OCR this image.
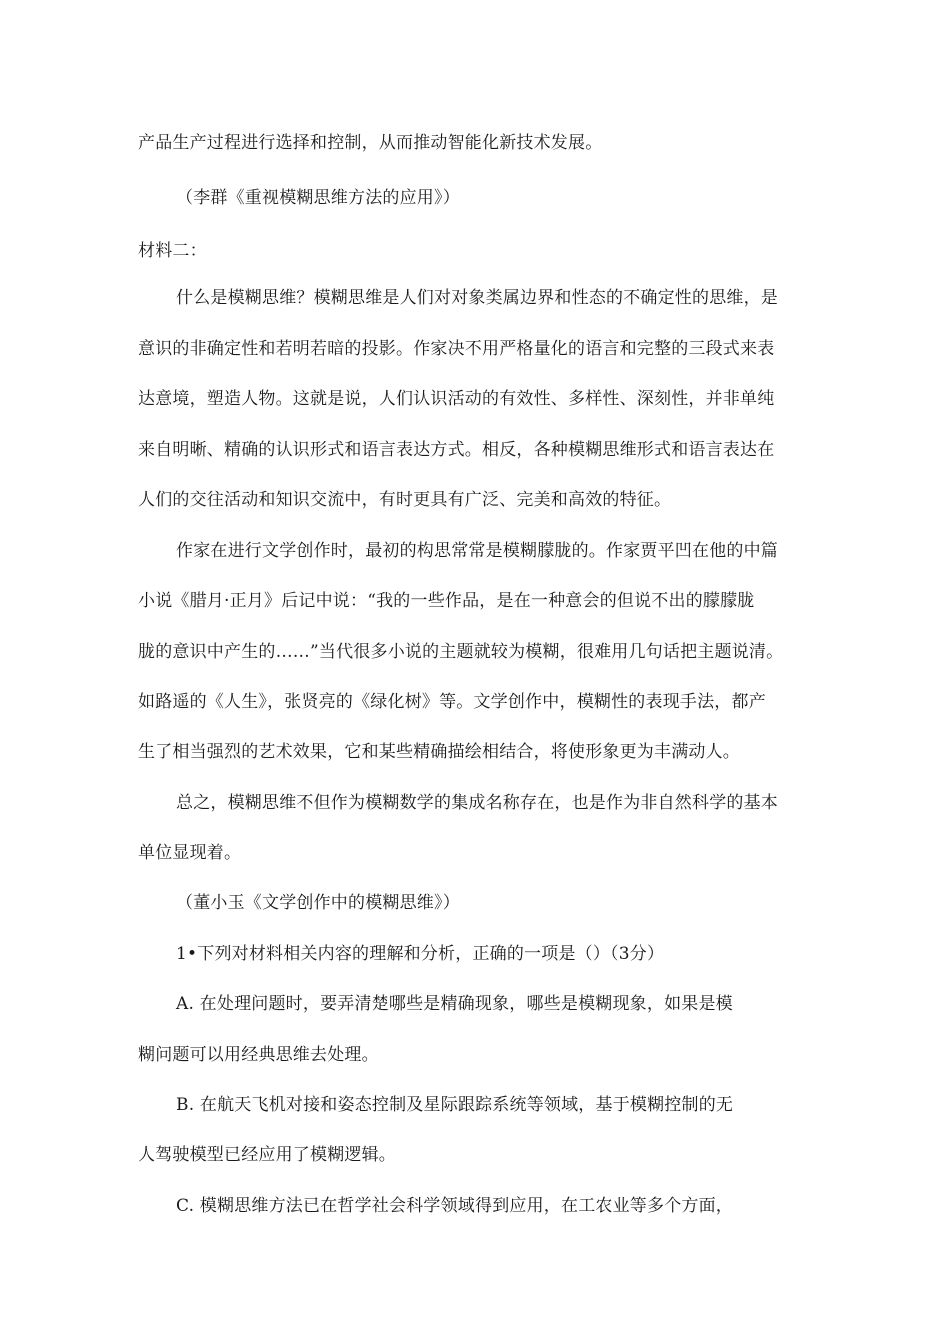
产品生产过程进行选择和控制，从而推动智能化新技术发展。
（李群《重视模糊思维方法的应用》）
材料二：
什么是模糊思维？模糊思维是人们对对象类属边界和性态的不确定性的思维，是
意识的非确定性和若明若暗的投影。作家决不用严格量化的语言和完整的三段式来表
达意境，塑造人物。这就是说，人们认识活动的有效性、多样性、深刻性，并非单纯
来自明晰、精确的认识形式和语言表达方式。相反，各种模糊思维形式和语言表达在
人们的交往活动和知识交流中，有时更具有广泛、完美和高效的特征。
作家在进行文学创作时，最初的构思常常是模糊朦胧的。作家贾平凹在他的中篇
小说《腊月·正月》后记中说：“我的一些作品，是在一种意会的但说不出的朦朦胧
胧的意识中产生的……”当代很多小说的主题就较为模糊，很难用几句话把主题说清。
如路遥的《人生》，张贤亮的《绿化树》等。文学创作中，模糊性的表现手法，都产
生了相当强烈的艺术效果，它和某些精确描绘相结合，将使形象更为丰满动人。
总之，模糊思维不但作为模糊数学的集成名称存在，也是作为非自然科学的基本
单位显现着。
（董小玉《文学创作中的模糊思维》）
1•下列对材料相关内容的理解和分析，正确的一项是（）（3分）
A. 在处理问题时，要弄清楚哪些是精确现象，哪些是模糊现象，如果是模
糊问题可以用经典思维去处理。
B. 在航天飞机对接和姿态控制及星际跟踪系统等领域，基于模糊控制的无
人驾驶模型已经应用了模糊逻辑。
C. 模糊思维方法已在哲学社会科学领域得到应用，在工农业等多个方面，
